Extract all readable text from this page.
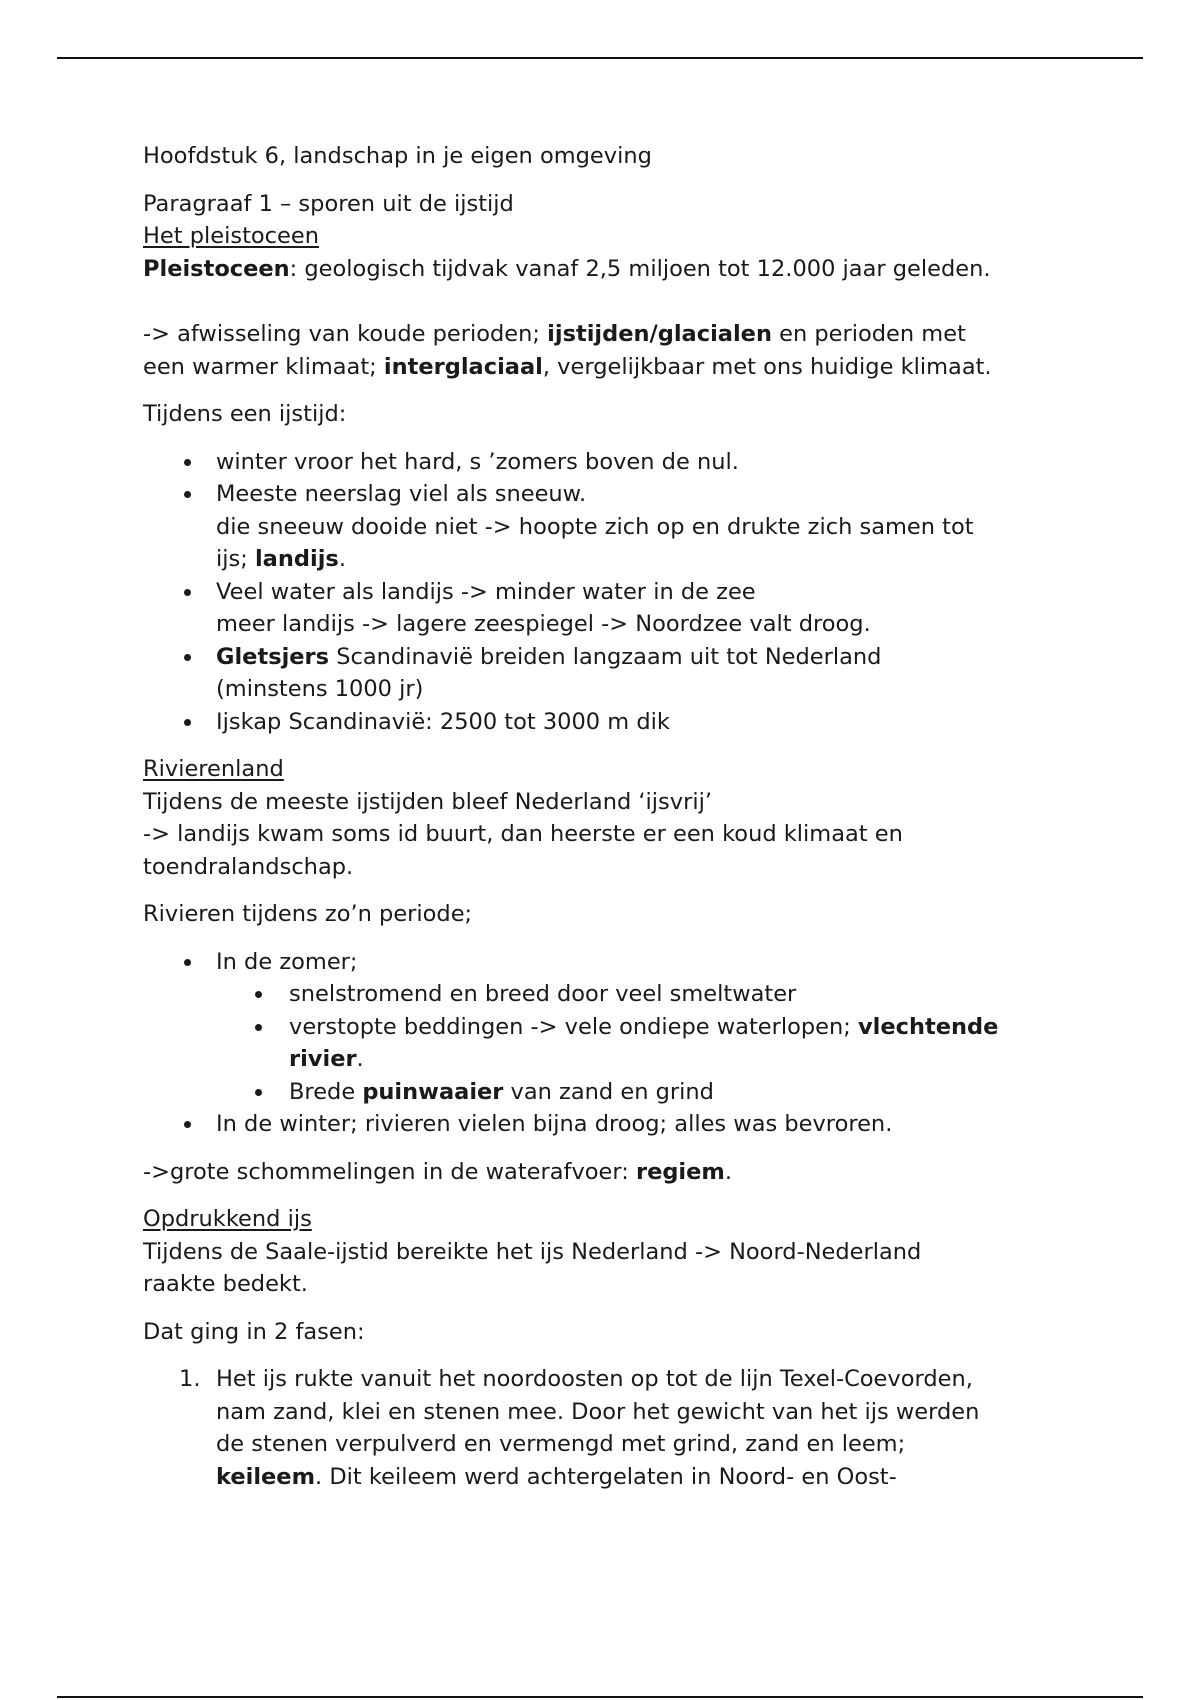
Hoofdstuk 6, landschap in je eigen omgeving

Paragraaf 1 – sporen uit de ijstijd

Het pleistoceen

Pleistoceen: geologisch tijdvak vanaf 2,5 miljoen tot 12.000 jaar geleden.

-> afwisseling van koude perioden; ijstijden/glacialen en perioden met

een warmer klimaat; interglaciaal, vergelijkbaar met ons huidige klimaat.

Tijdens een ijstijd:

winter vroor het hard, s ’zomers boven de nul.
Meeste neerslag viel als sneeuw.
die sneeuw dooide niet -> hoopte zich op en drukte zich samen tot
ijs; landijs.
Veel water als landijs -> minder water in de zee
meer landijs -> lagere zeespiegel -> Noordzee valt droog.
Gletsjers Scandinavië breiden langzaam uit tot Nederland
(minstens 1000 jr)
Ijskap Scandinavië: 2500 tot 3000 m dik

Rivierenland

Tijdens de meeste ijstijden bleef Nederland ‘ijsvrij’

-> landijs kwam soms id buurt, dan heerste er een koud klimaat en

toendralandschap.

Rivieren tijdens zo’n periode;

In de zomer;
snelstromend en breed door veel smeltwater
verstopte beddingen -> vele ondiepe waterlopen; vlechtende
rivier.
Brede puinwaaier van zand en grind
In de winter; rivieren vielen bijna droog; alles was bevroren.

->grote schommelingen in de waterafvoer: regiem.

Opdrukkend ijs

Tijdens de Saale-ijstid bereikte het ijs Nederland -> Noord-Nederland

raakte bedekt.

Dat ging in 2 fasen:

1. Het ijs rukte vanuit het noordoosten op tot de lijn Texel-Coevorden,
nam zand, klei en stenen mee. Door het gewicht van het ijs werden
de stenen verpulverd en vermengd met grind, zand en leem;
keileem. Dit keileem werd achtergelaten in Noord- en Oost-
